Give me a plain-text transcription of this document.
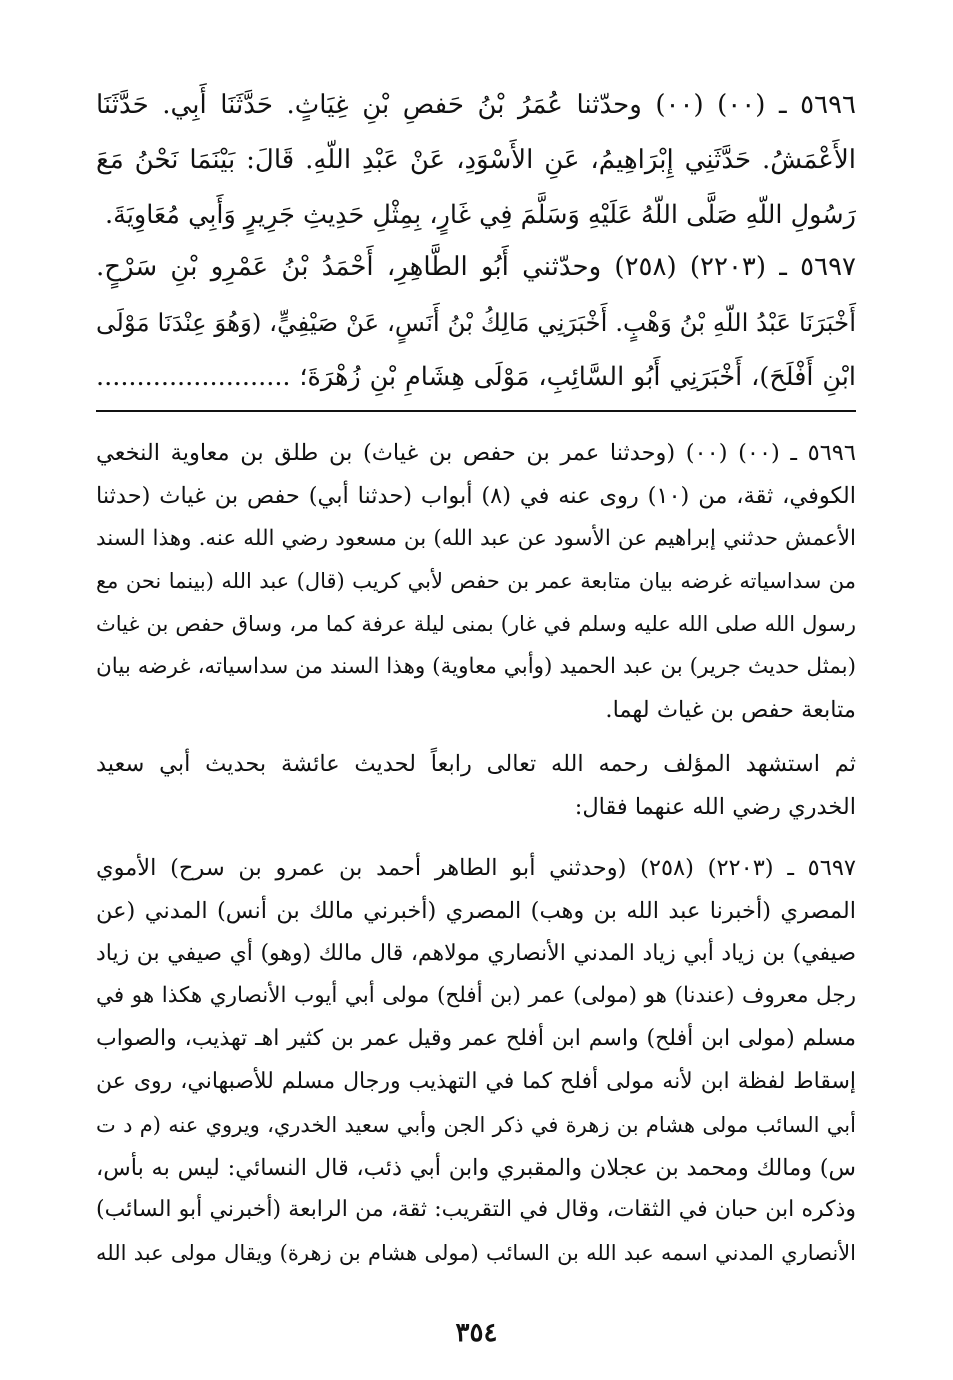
٥٦٩٦ ـ (٠٠) (٠٠) وحدّثنا عُمَرُ بْنُ حَفصِ بْنِ غِيَاثٍ. حَدَّثَنَا أَبِي. حَدَّثَنَا
الأَعْمَشُ. حَدَّثَنِي إِبْرَاهِيمُ، عَنِ الأَسْوَدِ، عَنْ عَبْدِ اللّهِ. قَالَ: بَيْنَمَا نَحْنُ مَعَ
رَسُولِ اللّهِ صَلَّى اللّهُ عَلَيْهِ وَسَلَّمَ فِي غَارٍ، بِمِثْلِ حَدِيثِ جَرِيرٍ وَأَبِي مُعَاوِيَةَ.
٥٦٩٧ ـ (٢٢٠٣) (٢٥٨) وحدّثني أَبُو الطَّاهِرِ، أَحْمَدُ بْنُ عَمْرِو بْنِ سَرْحٍ.
أَخْبَرَنَا عَبْدُ اللّهِ بْنُ وَهْبٍ. أَخْبَرَنِي مَالِكُ بْنُ أَنَسٍ، عَنْ صَيْفِيٍّ، (وَهُوَ عِنْدَنَا مَوْلَى
ابْنِ أَفْلَحَ)، أَخْبَرَنِي أَبُو السَّائِبِ، مَوْلَى هِشَامِ بْنِ زُهْرَةَ؛ ........................
٥٦٩٦ ـ (٠٠) (٠٠) (وحدثنا عمر بن حفص بن غياث) بن طلق بن معاوية النخعي
الكوفي، ثقة، من (١٠) روى عنه في (٨) أبواب (حدثنا أبي) حفص بن غياث (حدثنا
الأعمش حدثني إبراهيم عن الأسود عن عبد الله) بن مسعود رضي الله عنه. وهذا السند
من سداسياته غرضه بيان متابعة عمر بن حفص لأبي كريب (قال) عبد الله (بينما نحن مع
رسول الله صلى الله عليه وسلم في غار) بمنى ليلة عرفة كما مر، وساق حفص بن غياث
(بمثل حديث جرير) بن عبد الحميد (وأبي معاوية) وهذا السند من سداسياته، غرضه بيان
متابعة حفص بن غياث لهما.
ثم استشهد المؤلف رحمه الله تعالى رابعاً لحديث عائشة بحديث أبي سعيد
الخدري رضي الله عنهما فقال:
٥٦٩٧ ـ (٢٢٠٣) (٢٥٨) (وحدثني أبو الطاهر أحمد بن عمرو بن سرح) الأموي
المصري (أخبرنا عبد الله بن وهب) المصري (أخبرني مالك بن أنس) المدني (عن
صيفي) بن زياد أبي زياد المدني الأنصاري مولاهم، قال مالك (وهو) أي صيفي بن زياد
رجل معروف (عندنا) هو (مولى) عمر (بن أفلح) مولى أبي أيوب الأنصاري هكذا هو في
مسلم (مولى ابن أفلح) واسم ابن أفلح عمر وقيل عمر بن كثير اهـ تهذيب، والصواب
إسقاط لفظة ابن لأنه مولى أفلح كما في التهذيب ورجال مسلم للأصبهاني، روى عن
أبي السائب مولى هشام بن زهرة في ذكر الجن وأبي سعيد الخدري، ويروي عنه (م د ت
س) ومالك ومحمد بن عجلان والمقبري وابن أبي ذئب، قال النسائي: ليس به بأس،
وذكره ابن حبان في الثقات، وقال في التقريب: ثقة، من الرابعة (أخبرني أبو السائب)
الأنصاري المدني اسمه عبد الله بن السائب (مولى هشام بن زهرة) ويقال مولى عبد الله
٣٥٤
